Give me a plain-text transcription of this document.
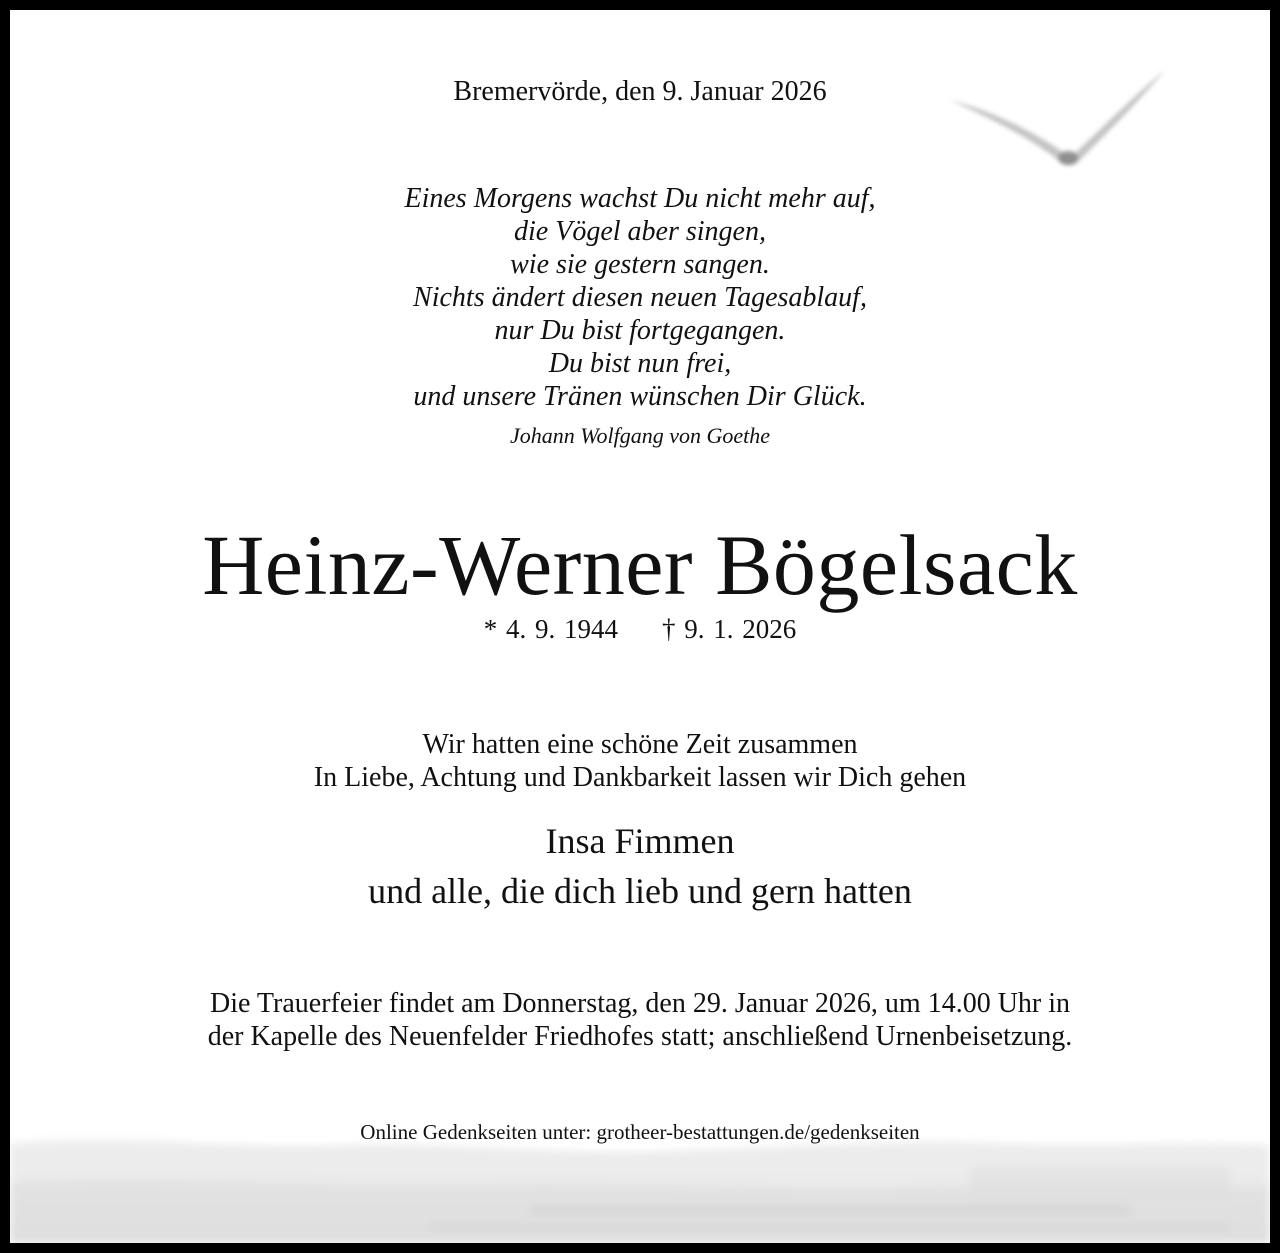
Bremervörde, den 9. Januar 2026
Eines Morgens wachst Du nicht mehr auf,
die Vögel aber singen,
wie sie gestern sangen.
Nichts ändert diesen neuen Tagesablauf,
nur Du bist fortgegangen.
Du bist nun frei,
und unsere Tränen wünschen Dir Glück.
Johann Wolfgang von Goethe
Heinz-Werner Bögelsack
* 4. 9. 1944 † 9. 1. 2026
Wir hatten eine schöne Zeit zusammen
In Liebe, Achtung und Dankbarkeit lassen wir Dich gehen
Insa Fimmen
und alle, die dich lieb und gern hatten
Die Trauerfeier findet am Donnerstag, den 29. Januar 2026, um 14.00 Uhr in
der Kapelle des Neuenfelder Friedhofes statt; anschließend Urnenbeisetzung.
Online Gedenkseiten unter: grotheer-bestattungen.de/gedenkseiten
